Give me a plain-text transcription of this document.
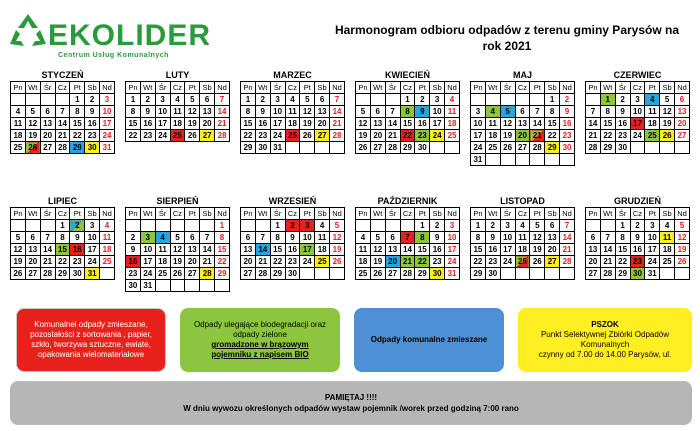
EKOLIDER
Centrum Usług Komunalnych
Harmonogram odbioru odpadów z terenu gminy Parysów na
rok 2021
STYCZEŃ
Pn	Wt	Śr	Cz	Pt	Sb	Nd
				1	2	3
4	5	6	7	8	9	10
11	12	13	14	15	16	17
18	19	20	21	22	23	24
25	26	27	28	29	30	31
LUTY
Pn	Wt	Śr	Cz	Pt	Sb	Nd
1	2	3	4	5	6	7
8	9	10	11	12	13	14
15	16	17	18	19	20	21
22	23	24	25	26	27	28
MARZEC
Pn	Wt	Śr	Cz	Pt	Sb	Nd
1	2	3	4	5	6	7
8	9	10	11	12	13	14
15	16	17	18	19	20	21
22	23	24	25	26	27	28
29	30	31				
KWIECIEŃ
Pn	Wt	Śr	Cz	Pt	Sb	Nd
			1	2	3	4
5	6	7	8	9	10	11
12	13	14	15	16	17	18
19	20	21	22	23	24	25
26	27	28	29	30		
MAJ
Pn	Wt	Śr	Cz	Pt	Sb	Nd
					1	2
3	4	5	6	7	8	9
10	11	12	13	14	15	16
17	18	19	20	21	22	23
24	25	26	27	28	29	30
31						
CZERWIEC
Pn	Wt	Śr	Cz	Pt	Sb	Nd
	1	2	3	4	5	6
7	8	9	10	11	12	13
14	15	16	17	18	19	20
21	22	23	24	25	26	27
28	29	30				
LIPIEC
Pn	Wt	Śr	Cz	Pt	Sb	Nd
			1	2	3	4
5	6	7	8	9	10	11
12	13	14	15	16	17	18
19	20	21	22	23	24	25
26	27	28	29	30	31	
SIERPIEŃ
Pn	Wt	Śr	Cz	Pt	Sb	Nd
						1
2	3	4	5	6	7	8
9	10	11	12	13	14	15
16	17	18	19	20	21	22
23	24	25	26	27	28	29
30	31					
WRZESIEŃ
Pn	Wt	Śr	Cz	Pt	Sb	Nd
		1	2	3	4	5
6	7	8	9	10	11	12
13	14	15	16	17	18	19
20	21	22	23	24	25	26
27	28	29	30			
PAŹDZIERNIK
Pn	Wt	Śr	Cz	Pt	Sb	Nd
				1	2	3
4	5	6	7	8	9	10
11	12	13	14	15	16	17
18	19	20	21	22	23	24
25	26	27	28	29	30	31
LISTOPAD
Pn	Wt	Śr	Cz	Pt	Sb	Nd
1	2	3	4	5	6	7
8	9	10	11	12	13	14
15	16	17	18	19	20	21
22	23	24	25	26	27	28
29	30					
GRUDZIEŃ
Pn	Wt	Śr	Cz	Pt	Sb	Nd
		1	2	3	4	5
6	7	8	9	10	11	12
13	14	15	16	17	18	19
20	21	22	23	24	25	26
27	28	29	30	31		
Komunalnei odpady zmieszane,
pozostałości z sortowania , papier,
szkło, tworzywa sztuczne, ewiate,
opakowania wielomateriałowe
Odpady ulegające biodegradacji oraz
odpady zielone
gromadzone w brązowym
pojemniku z napisem BIO
Odpady komunalne zmieszane
PSZOK
Punkt Selektywnej Zbiórki Odpadów
Komunalnych
czynny od 7.00 do 14.00 Parysów, ul.
PAMIĘTAJ !!!!
W dniu wywozu określonych odpadów wystaw pojemnik /worek przed godziną 7:00 rano
